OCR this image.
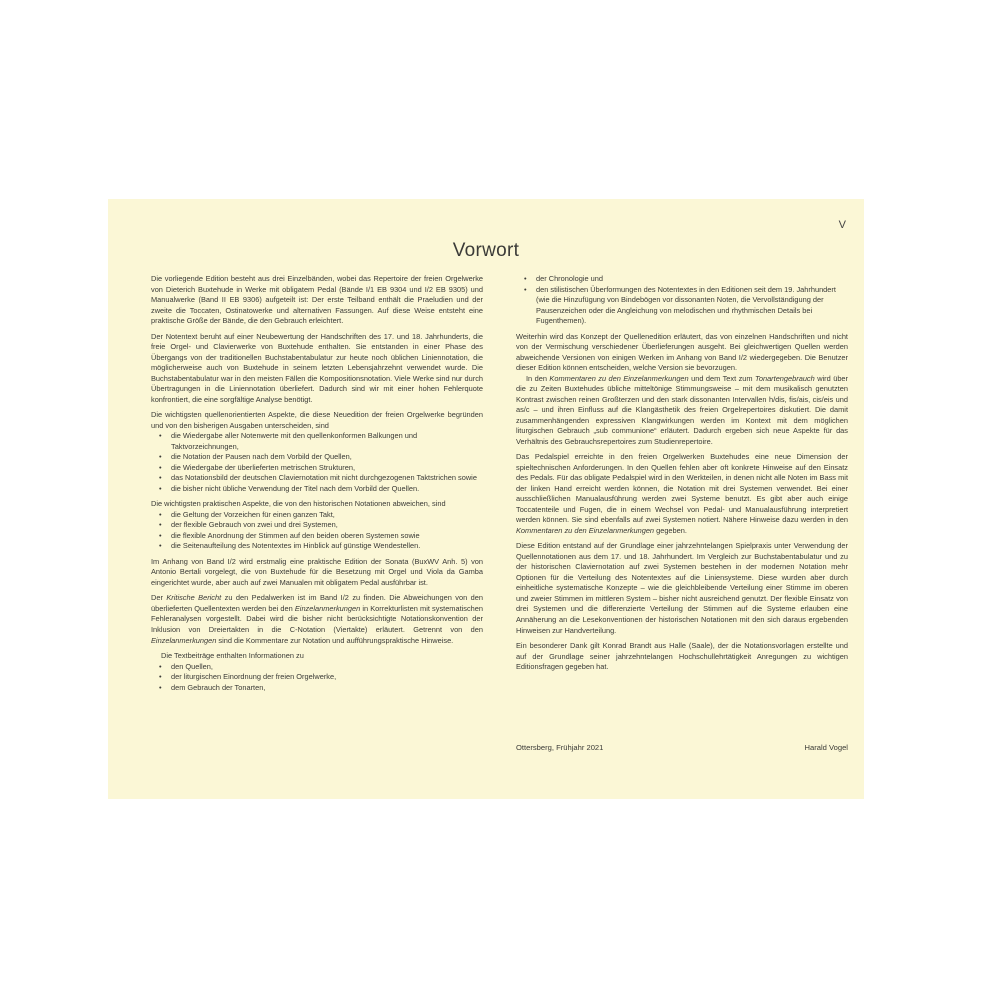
V
Vorwort

Die vorliegende Edition besteht aus drei Einzelbänden, wobei das Repertoire der freien Orgelwerke von Dieterich Buxtehude in Werke mit obligatem Pedal (Bände I/1 EB 9304 und I/2 EB 9305) und Manualwerke (Band II EB 9306) aufgeteilt ist: Der erste Teilband enthält die Praeludien und der zweite die Toccaten, Ostinatowerke und alternativen Fassungen. Auf diese Weise entsteht eine praktische Größe der Bände, die den Gebrauch erleichtert.

Der Notentext beruht auf einer Neubewertung der Handschriften des 17. und 18. Jahrhunderts, die freie Orgel- und Clavierwerke von Buxtehude enthalten. Sie entstanden in einer Phase des Übergangs von der traditionellen Buchstabentabulatur zur heute noch üblichen Liniennotation, die möglicherweise auch von Buxtehude in seinem letzten Lebensjahrzehnt verwendet wurde. Die Buchstabentabulatur war in den meisten Fällen die Kompositionsnotation. Viele Werke sind nur durch Übertragungen in die Liniennotation überliefert. Dadurch sind wir mit einer hohen Fehlerquote konfrontiert, die eine sorgfältige Analyse benötigt.

Die wichtigsten quellenorientierten Aspekte, die diese Neuedition der freien Orgelwerke begründen und von den bisherigen Ausgaben unterscheiden, sind

• die Wiedergabe aller Notenwerte mit den quellenkonformen Balkungen und Taktvorzeichnungen,
• die Notation der Pausen nach dem Vorbild der Quellen,
• die Wiedergabe der überlieferten metrischen Strukturen,
• das Notationsbild der deutschen Claviernotation mit nicht durchgezogenen Taktstrichen sowie
• die bisher nicht übliche Verwendung der Titel nach dem Vorbild der Quellen.

Die wichtigsten praktischen Aspekte, die von den historischen Notationen abweichen, sind

• die Geltung der Vorzeichen für einen ganzen Takt,
• der flexible Gebrauch von zwei und drei Systemen,
• die flexible Anordnung der Stimmen auf den beiden oberen Systemen sowie
• die Seitenaufteilung des Notentextes im Hinblick auf günstige Wendestellen.

Im Anhang von Band I/2 wird erstmalig eine praktische Edition der Sonata (BuxWV Anh. 5) von Antonio Bertali vorgelegt, die von Buxtehude für die Besetzung mit Orgel und Viola da Gamba eingerichtet wurde, aber auch auf zwei Manualen mit obligatem Pedal ausführbar ist.

Der Kritische Bericht zu den Pedalwerken ist im Band I/2 zu finden. Die Abweichungen von den überlieferten Quellentexten werden bei den Einzelanmerkungen in Korrekturlisten mit systematischen Fehleranalysen vorgestellt. Dabei wird die bisher nicht berücksichtigte Notationskonvention der Inklusion von Dreiertakten in die C-Notation (Viertakte) erläutert. Getrennt von den Einzelanmerkungen sind die Kommentare zur Notation und aufführungspraktische Hinweise.

Die Textbeiträge enthalten Informationen zu

• den Quellen,
• der liturgischen Einordnung der freien Orgelwerke,
• dem Gebrauch der Tonarten,
• der Chronologie und
• den stilistischen Überformungen des Notentextes in den Editionen seit dem 19. Jahrhundert (wie die Hinzufügung von Bindebögen vor dissonanten Noten, die Vervollständigung der Pausenzeichen oder die Angleichung von melodischen und rhythmischen Details bei Fugenthemen).

Weiterhin wird das Konzept der Quellenedition erläutert, das von einzelnen Handschriften und nicht von der Vermischung verschiedener Überlieferungen ausgeht. Bei gleichwertigen Quellen werden abweichende Versionen von einigen Werken im Anhang von Band I/2 wiedergegeben. Die Benutzer dieser Edition können entscheiden, welche Version sie bevorzugen.

In den Kommentaren zu den Einzelanmerkungen und dem Text zum Tonartengebrauch wird über die zu Zeiten Buxtehudes übliche mitteltönige Stimmungsweise – mit dem musikalisch genutzten Kontrast zwischen reinen Großterzen und den stark dissonanten Intervallen h/dis, fis/ais, cis/eis und as/c – und ihren Einfluss auf die Klangästhetik des freien Orgelrepertoires diskutiert. Die damit zusammenhängenden expressiven Klangwirkungen werden im Kontext mit dem möglichen liturgischen Gebrauch „sub communione“ erläutert. Dadurch ergeben sich neue Aspekte für das Verhältnis des Gebrauchsrepertoires zum Studienrepertoire.

Das Pedalspiel erreichte in den freien Orgelwerken Buxtehudes eine neue Dimension der spieltechnischen Anforderungen. In den Quellen fehlen aber oft konkrete Hinweise auf den Einsatz des Pedals. Für das obligate Pedalspiel wird in den Werkteilen, in denen nicht alle Noten im Bass mit der linken Hand erreicht werden können, die Notation mit drei Systemen verwendet. Bei einer ausschließlichen Manualausführung werden zwei Systeme benutzt. Es gibt aber auch einige Toccatenteile und Fugen, die in einem Wechsel von Pedal- und Manualausführung interpretiert werden können. Sie sind ebenfalls auf zwei Systemen notiert. Nähere Hinweise dazu werden in den Kommentaren zu den Einzelanmerkungen gegeben.

Diese Edition entstand auf der Grundlage einer jahrzehntelangen Spielpraxis unter Verwendung der Quellennotationen aus dem 17. und 18. Jahrhundert. Im Vergleich zur Buchstabentabulatur und zu der historischen Claviernotation auf zwei Systemen bestehen in der modernen Notation mehr Optionen für die Verteilung des Notentextes auf die Liniensysteme. Diese wurden aber durch einheitliche systematische Konzepte – wie die gleichbleibende Verteilung einer Stimme im oberen und zweier Stimmen im mittleren System – bisher nicht ausreichend genutzt. Der flexible Einsatz von drei Systemen und die differenzierte Verteilung der Stimmen auf die Systeme erlauben eine Annäherung an die Lesekonventionen der historischen Notationen mit den sich daraus ergebenden Hinweisen zur Handverteilung.

Ein besonderer Dank gilt Konrad Brandt aus Halle (Saale), der die Notationsvorlagen erstellte und auf der Grundlage seiner jahrzehntelangen Hochschullehrtätigkeit Anregungen zu wichtigen Editionsfragen gegeben hat.

Ottersberg, Frühjahr 2021	Harald Vogel
